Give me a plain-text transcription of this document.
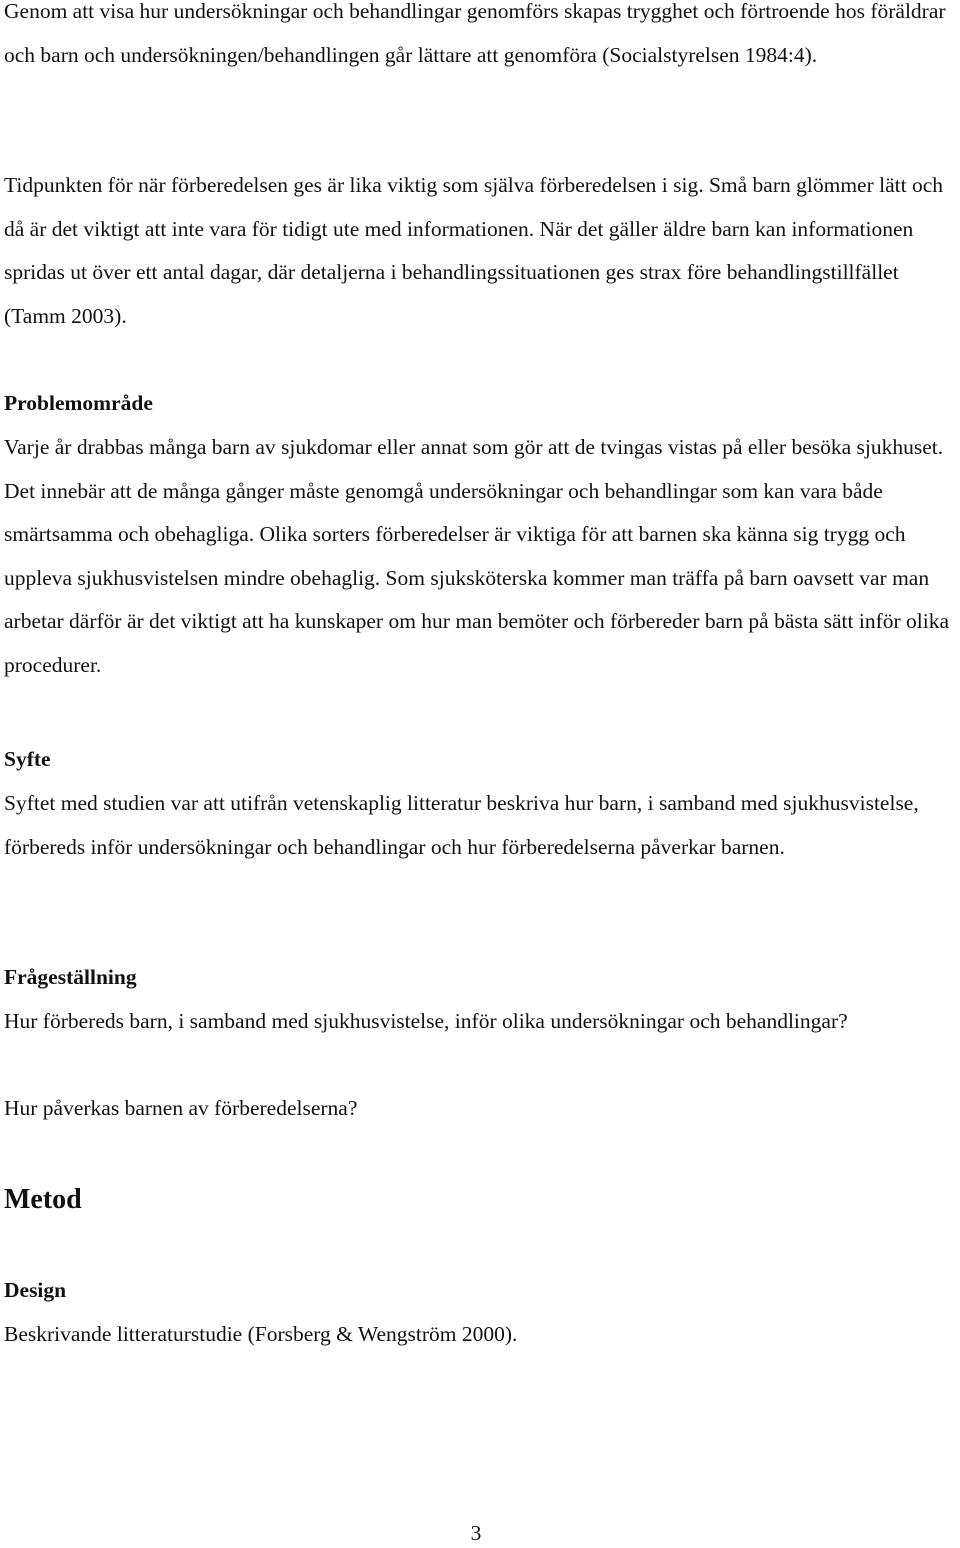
Genom att visa hur undersökningar och behandlingar genomförs skapas trygghet och förtroende hos föräldrar och barn och undersökningen/behandlingen går lättare att genomföra (Socialstyrelsen 1984:4).

Tidpunkten för när förberedelsen ges är lika viktig som själva förberedelsen i sig. Små barn glömmer lätt och då är det viktigt att inte vara för tidigt ute med informationen. När det gäller äldre barn kan informationen spridas ut över ett antal dagar, där detaljerna i behandlingssituationen ges strax före behandlingstillfället (Tamm 2003).

Problemområde

Varje år drabbas många barn av sjukdomar eller annat som gör att de tvingas vistas på eller besöka sjukhuset. Det innebär att de många gånger måste genomgå undersökningar och behandlingar som kan vara både smärtsamma och obehagliga. Olika sorters förberedelser är viktiga för att barnen ska känna sig trygg och uppleva sjukhusvistelsen mindre obehaglig. Som sjuksköterska kommer man träffa på barn oavsett var man arbetar därför är det viktigt att ha kunskaper om hur man bemöter och förbereder barn på bästa sätt inför olika procedurer.

Syfte

Syftet med studien var att utifrån vetenskaplig litteratur beskriva hur barn, i samband med sjukhusvistelse, förbereds inför undersökningar och behandlingar och hur förberedelserna påverkar barnen.

Frågeställning

Hur förbereds barn, i samband med sjukhusvistelse, inför olika undersökningar och behandlingar?

Hur påverkas barnen av förberedelserna?

Metod
Design

Beskrivande litteraturstudie (Forsberg & Wengström 2000).

3
